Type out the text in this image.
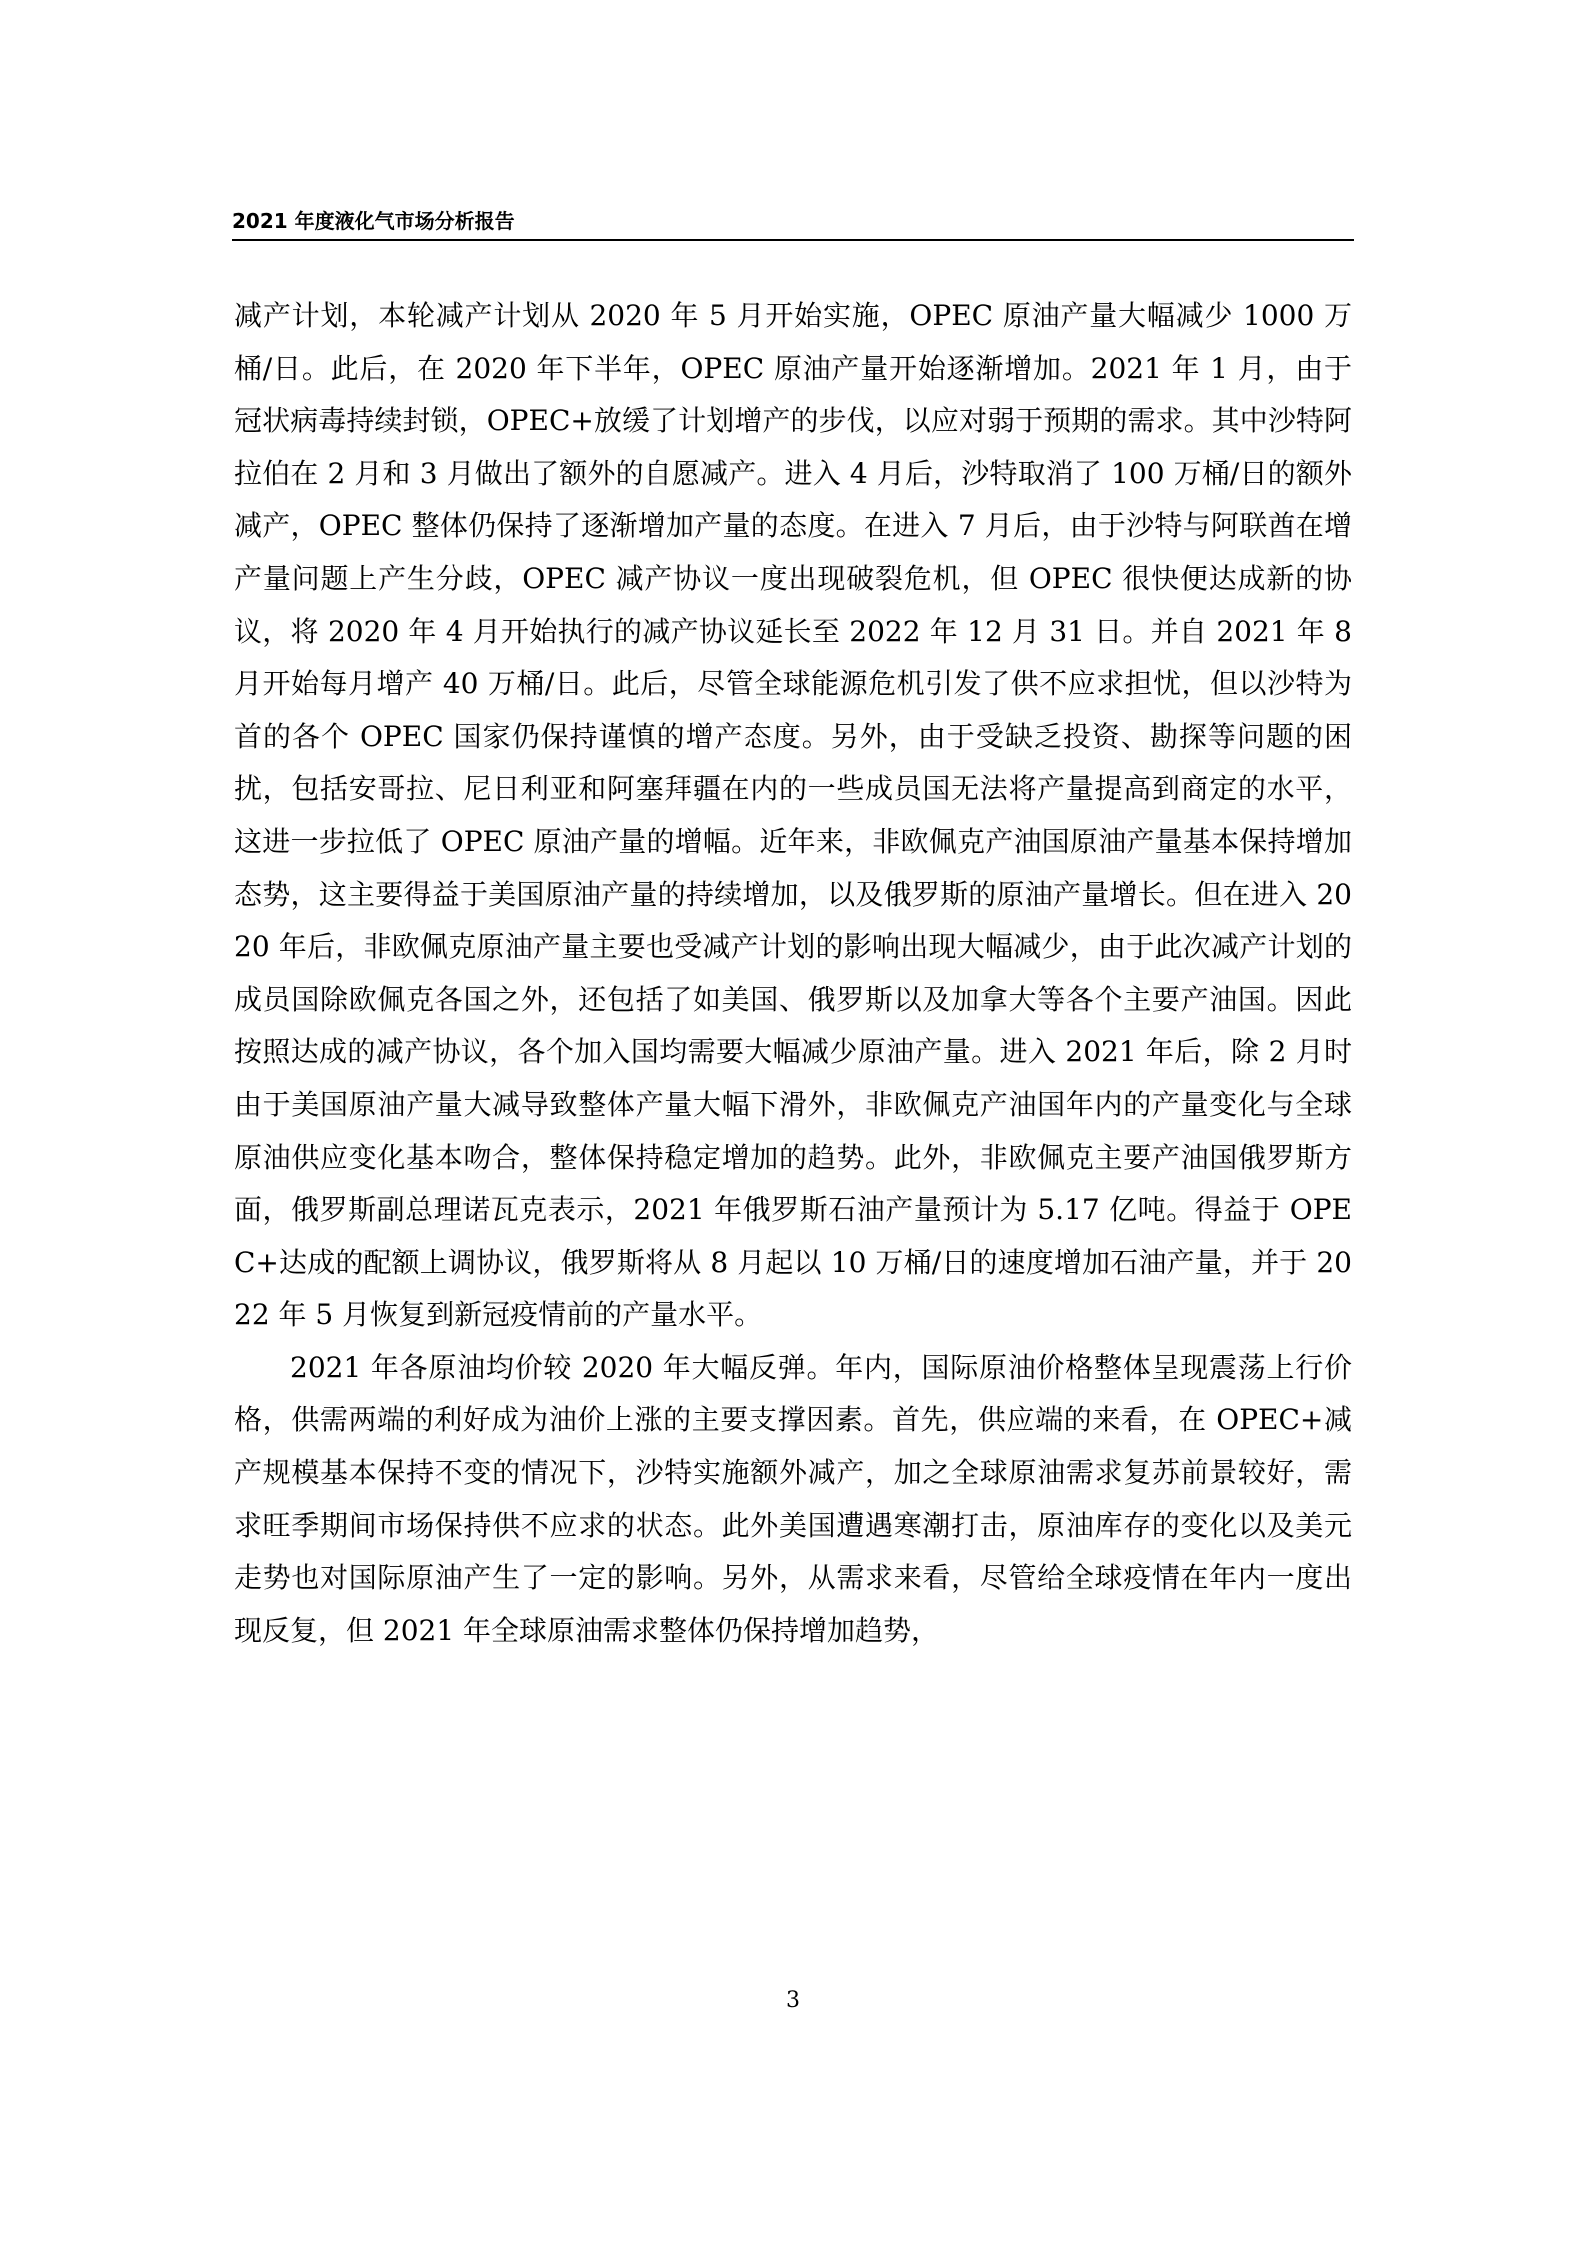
2021 年度液化气市场分析报告

减产计划，本轮减产计划从 2020 年 5 月开始实施，OPEC 原油产量大幅减少 1000 万桶/日。此后，在 2020 年下半年，OPEC 原油产量开始逐渐增加。2021 年 1 月，由于冠状病毒持续封锁，OPEC+放缓了计划增产的步伐，以应对弱于预期的需求。其中沙特阿拉伯在 2 月和 3 月做出了额外的自愿减产。进入 4 月后，沙特取消了 100 万桶/日的额外减产，OPEC 整体仍保持了逐渐增加产量的态度。在进入 7 月后，由于沙特与阿联酋在增产量问题上产生分歧，OPEC 减产协议一度出现破裂危机，但 OPEC 很快便达成新的协议，将 2020 年 4 月开始执行的减产协议延长至 2022 年 12 月 31 日。并自 2021 年 8 月开始每月增产 40 万桶/日。此后，尽管全球能源危机引发了供不应求担忧，但以沙特为首的各个 OPEC 国家仍保持谨慎的增产态度。另外，由于受缺乏投资、勘探等问题的困扰，包括安哥拉、尼日利亚和阿塞拜疆在内的一些成员国无法将产量提高到商定的水平，这进一步拉低了 OPEC 原油产量的增幅。近年来，非欧佩克产油国原油产量基本保持增加态势，这主要得益于美国原油产量的持续增加，以及俄罗斯的原油产量增长。但在进入 2020 年后，非欧佩克原油产量主要也受减产计划的影响出现大幅减少，由于此次减产计划的成员国除欧佩克各国之外，还包括了如美国、俄罗斯以及加拿大等各个主要产油国。因此按照达成的减产协议，各个加入国均需要大幅减少原油产量。进入 2021 年后，除 2 月时由于美国原油产量大减导致整体产量大幅下滑外，非欧佩克产油国年内的产量变化与全球原油供应变化基本吻合，整体保持稳定增加的趋势。此外，非欧佩克主要产油国俄罗斯方面，俄罗斯副总理诺瓦克表示，2021 年俄罗斯石油产量预计为 5.17 亿吨。得益于 OPEC+达成的配额上调协议，俄罗斯将从 8 月起以 10 万桶/日的速度增加石油产量，并于 2022 年 5 月恢复到新冠疫情前的产量水平。

2021 年各原油均价较 2020 年大幅反弹。年内，国际原油价格整体呈现震荡上行价格，供需两端的利好成为油价上涨的主要支撑因素。首先，供应端的来看，在 OPEC+减产规模基本保持不变的情况下，沙特实施额外减产，加之全球原油需求复苏前景较好，需求旺季期间市场保持供不应求的状态。此外美国遭遇寒潮打击，原油库存的变化以及美元走势也对国际原油产生了一定的影响。另外，从需求来看，尽管给全球疫情在年内一度出现反复，但 2021 年全球原油需求整体仍保持增加趋势，

3
